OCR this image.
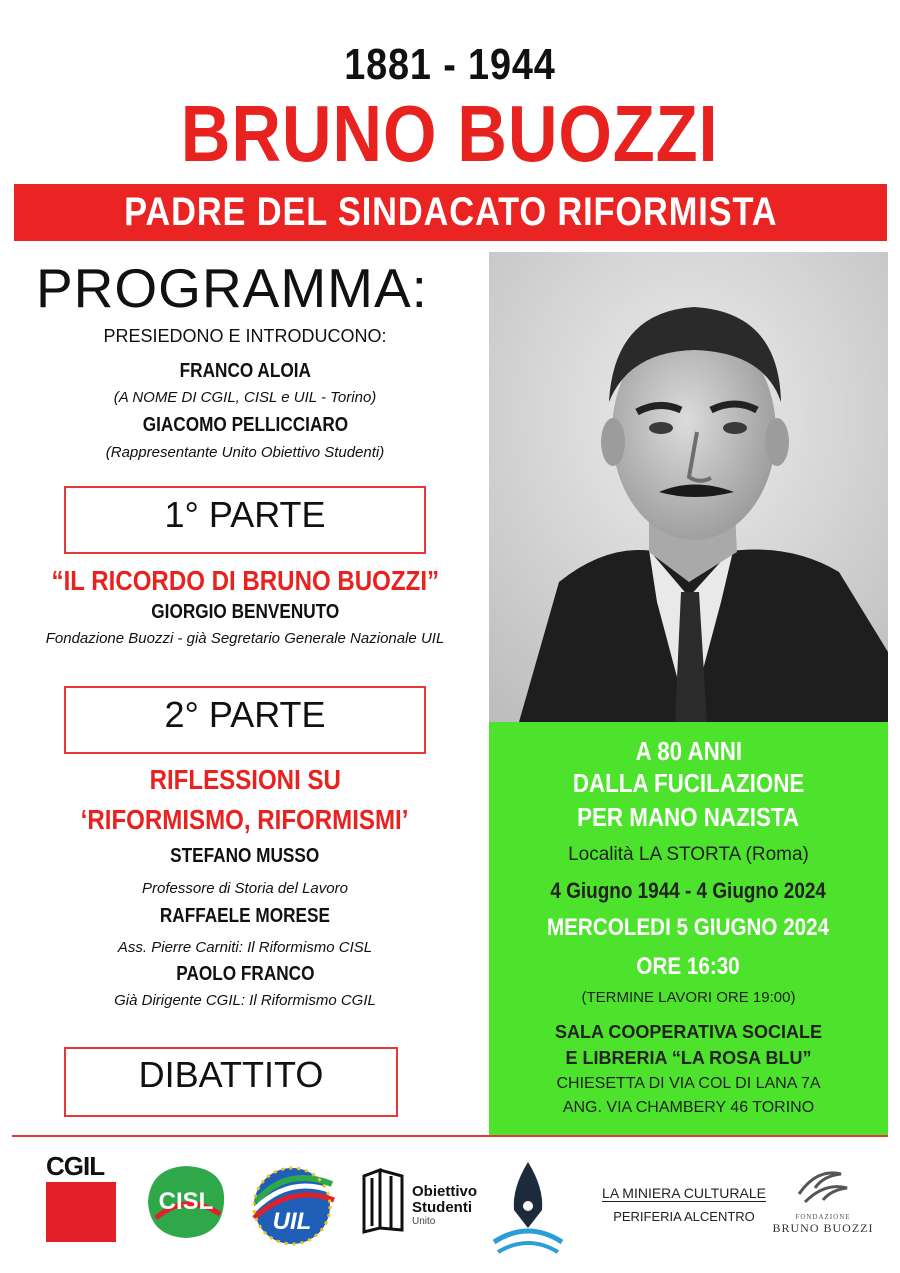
1881 - 1944
BRUNO BUOZZI
PADRE DEL SINDACATO RIFORMISTA
PROGRAMMA:
PRESIEDONO E INTRODUCONO:
FRANCO ALOIA
(A NOME DI CGIL, CISL e UIL - Torino)
GIACOMO PELLICCIARO
(Rappresentante Unito Obiettivo Studenti)
1° PARTE
“IL RICORDO DI BRUNO BUOZZI”
GIORGIO BENVENUTO
Fondazione Buozzi - già Segretario Generale Nazionale UIL
2° PARTE
RIFLESSIONI SU
‘RIFORMISMO, RIFORMISMI’
STEFANO MUSSO
Professore di Storia del Lavoro
RAFFAELE MORESE
Ass. Pierre Carniti: Il Riformismo CISL
PAOLO FRANCO
Già Dirigente CGIL: Il Riformismo CGIL
DIBATTITO
A 80 ANNI
DALLA FUCILAZIONE
PER MANO NAZISTA
Località LA STORTA (Roma)
4 Giugno 1944 - 4 Giugno 2024
MERCOLEDI 5 GIUGNO 2024
ORE 16:30
(TERMINE LAVORI ORE 19:00)
SALA COOPERATIVA SOCIALE
E LIBRERIA “LA ROSA BLU”
CHIESETTA DI VIA COL DI LANA 7A
ANG. VIA CHAMBERY 46 TORINO
CGIL
CISL
UIL
Obiettivo
Studenti
Unito
LA MINIERA CULTURALE
PERIFERIA ALCENTRO	FONDAZIONE
BRUNO BUOZZI
